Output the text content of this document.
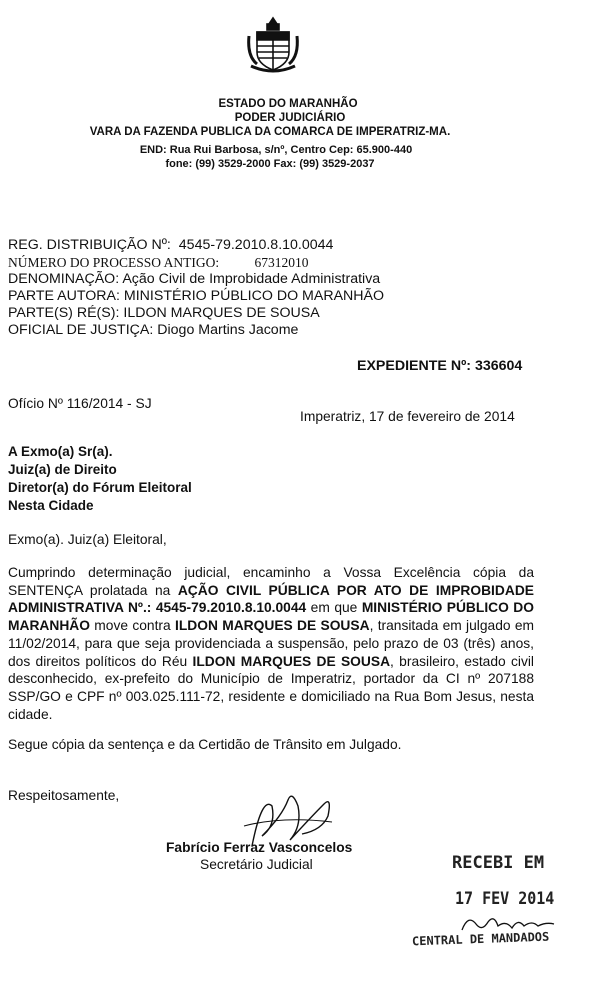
ESTADO DO MARANHÃO
PODER JUDICIÁRIO
VARA DA FAZENDA PUBLICA DA COMARCA DE IMPERATRIZ-MA.
END: Rua Rui Barbosa, s/nº, Centro Cep: 65.900-440
fone: (99) 3529-2000 Fax: (99) 3529-2037
REG. DISTRIBUIÇÃO Nº: 4545-79.2010.8.10.0044
NÚMERO DO PROCESSO ANTIGO:	67312010
DENOMINAÇÃO: Ação Civil de Improbidade Administrativa
PARTE AUTORA: MINISTÉRIO PÚBLICO DO MARANHÃO
PARTE(S) RÉ(S): ILDON MARQUES DE SOUSA
OFICIAL DE JUSTIÇA: Diogo Martins Jacome
EXPEDIENTE Nº: 336604
Ofício Nº 116/2014 - SJ
Imperatriz, 17 de fevereiro de 2014
A Exmo(a) Sr(a).
Juiz(a) de Direito
Diretor(a) do Fórum Eleitoral
Nesta Cidade
Exmo(a). Juiz(a) Eleitoral,
Cumprindo determinação judicial, encaminho a Vossa Excelência cópia da SENTENÇA prolatada na AÇÃO CIVIL PÚBLICA POR ATO DE IMPROBIDADE ADMINISTRATIVA Nº.: 4545-79.2010.8.10.0044 em que MINISTÉRIO PÚBLICO DO MARANHÃO move contra ILDON MARQUES DE SOUSA, transitada em julgado em 11/02/2014, para que seja providenciada a suspensão, pelo prazo de 03 (três) anos, dos direitos políticos do Réu ILDON MARQUES DE SOUSA, brasileiro, estado civil desconhecido, ex-prefeito do Município de Imperatriz, portador da CI nº 207188 SSP/GO e CPF nº 003.025.111-72, residente e domiciliado na Rua Bom Jesus, nesta cidade.
Segue cópia da sentença e da Certidão de Trânsito em Julgado.
Respeitosamente,
Fabrício Ferraz Vasconcelos
Secretário Judicial	RECEBI EM
17 FEV 2014
CENTRAL DE MANDADOS
